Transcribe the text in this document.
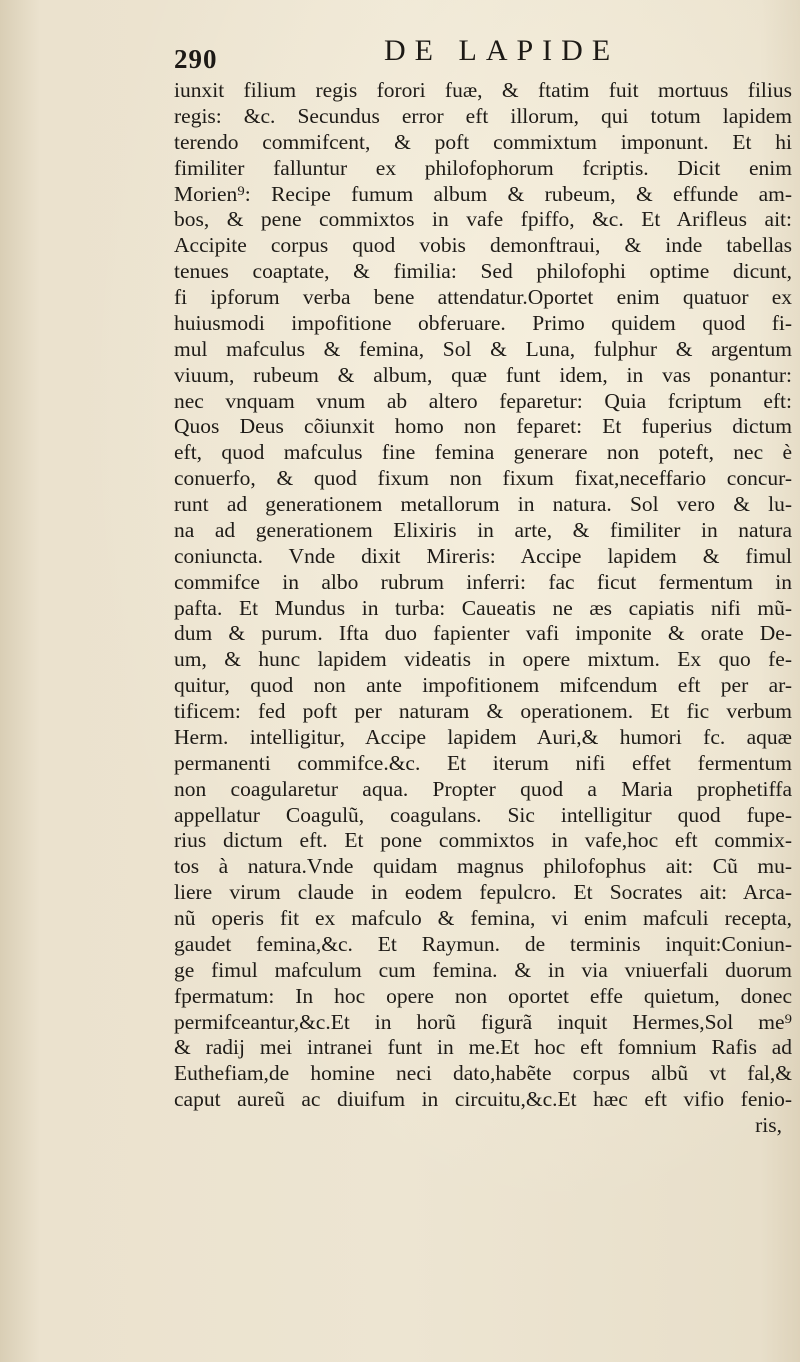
290	DE LAPIDE
iunxit filium regis forori fuæ, & ftatim fuit mortuus filius
regis: &c. Secundus error eft illorum, qui totum lapidem
terendo commifcent, & poft commixtum imponunt. Et hi
fimiliter falluntur ex philofophorum fcriptis. Dicit enim
Morien⁹: Recipe fumum album & rubeum, & effunde am-
bos, & pene commixtos in vafe fpiffo, &c. Et Arifleus ait:
Accipite corpus quod vobis demonftraui, & inde tabellas
tenues coaptate, & fimilia: Sed philofophi optime dicunt,
fi ipforum verba bene attendatur.Oportet enim quatuor ex
huiusmodi impofitione obferuare. Primo quidem quod fi-
mul mafculus & femina, Sol & Luna, fulphur & argentum
viuum, rubeum & album, quæ funt idem, in vas ponantur:
nec vnquam vnum ab altero feparetur: Quia fcriptum eft:
Quos Deus cõiunxit homo non feparet: Et fuperius dictum
eft, quod mafculus fine femina generare non poteft, nec è
conuerfo, & quod fixum non fixum fixat,neceffario concur-
runt ad generationem metallorum in natura. Sol vero & lu-
na ad generationem Elixiris in arte, & fimiliter in natura
coniuncta. Vnde dixit Mireris: Accipe lapidem & fimul
commifce in albo rubrum inferri: fac ficut fermentum in
pafta. Et Mundus in turba: Caueatis ne æs capiatis nifi mũ-
dum & purum. Ifta duo fapienter vafi imponite & orate De-
um, & hunc lapidem videatis in opere mixtum. Ex quo fe-
quitur, quod non ante impofitionem mifcendum eft per ar-
tificem: fed poft per naturam & operationem. Et fic verbum
Herm. intelligitur, Accipe lapidem Auri,& humori fc. aquæ
permanenti commifce.&c. Et iterum nifi effet fermentum
non coagularetur aqua. Propter quod a Maria prophetiffa
appellatur Coagulũ, coagulans. Sic intelligitur quod fupe-
rius dictum eft. Et pone commixtos in vafe,hoc eft commix-
tos à natura.Vnde quidam magnus philofophus ait: Cũ mu-
liere virum claude in eodem fepulcro. Et Socrates ait: Arca-
nũ operis fit ex mafculo & femina, vi enim mafculi recepta,
gaudet femina,&c. Et Raymun. de terminis inquit:Coniun-
ge fimul mafculum cum femina. & in via vniuerfali duorum
fpermatum: In hoc opere non oportet effe quietum, donec
permifceantur,&c.Et in horũ figurã inquit Hermes,Sol me⁹
& radij mei intranei funt in me.Et hoc eft fomnium Rafis ad
Euthefiam,de homine neci dato,habẽte corpus albũ vt fal,&
caput aureũ ac diuifum in circuitu,&c.Et hæc eft vifio fenio-
ris,
